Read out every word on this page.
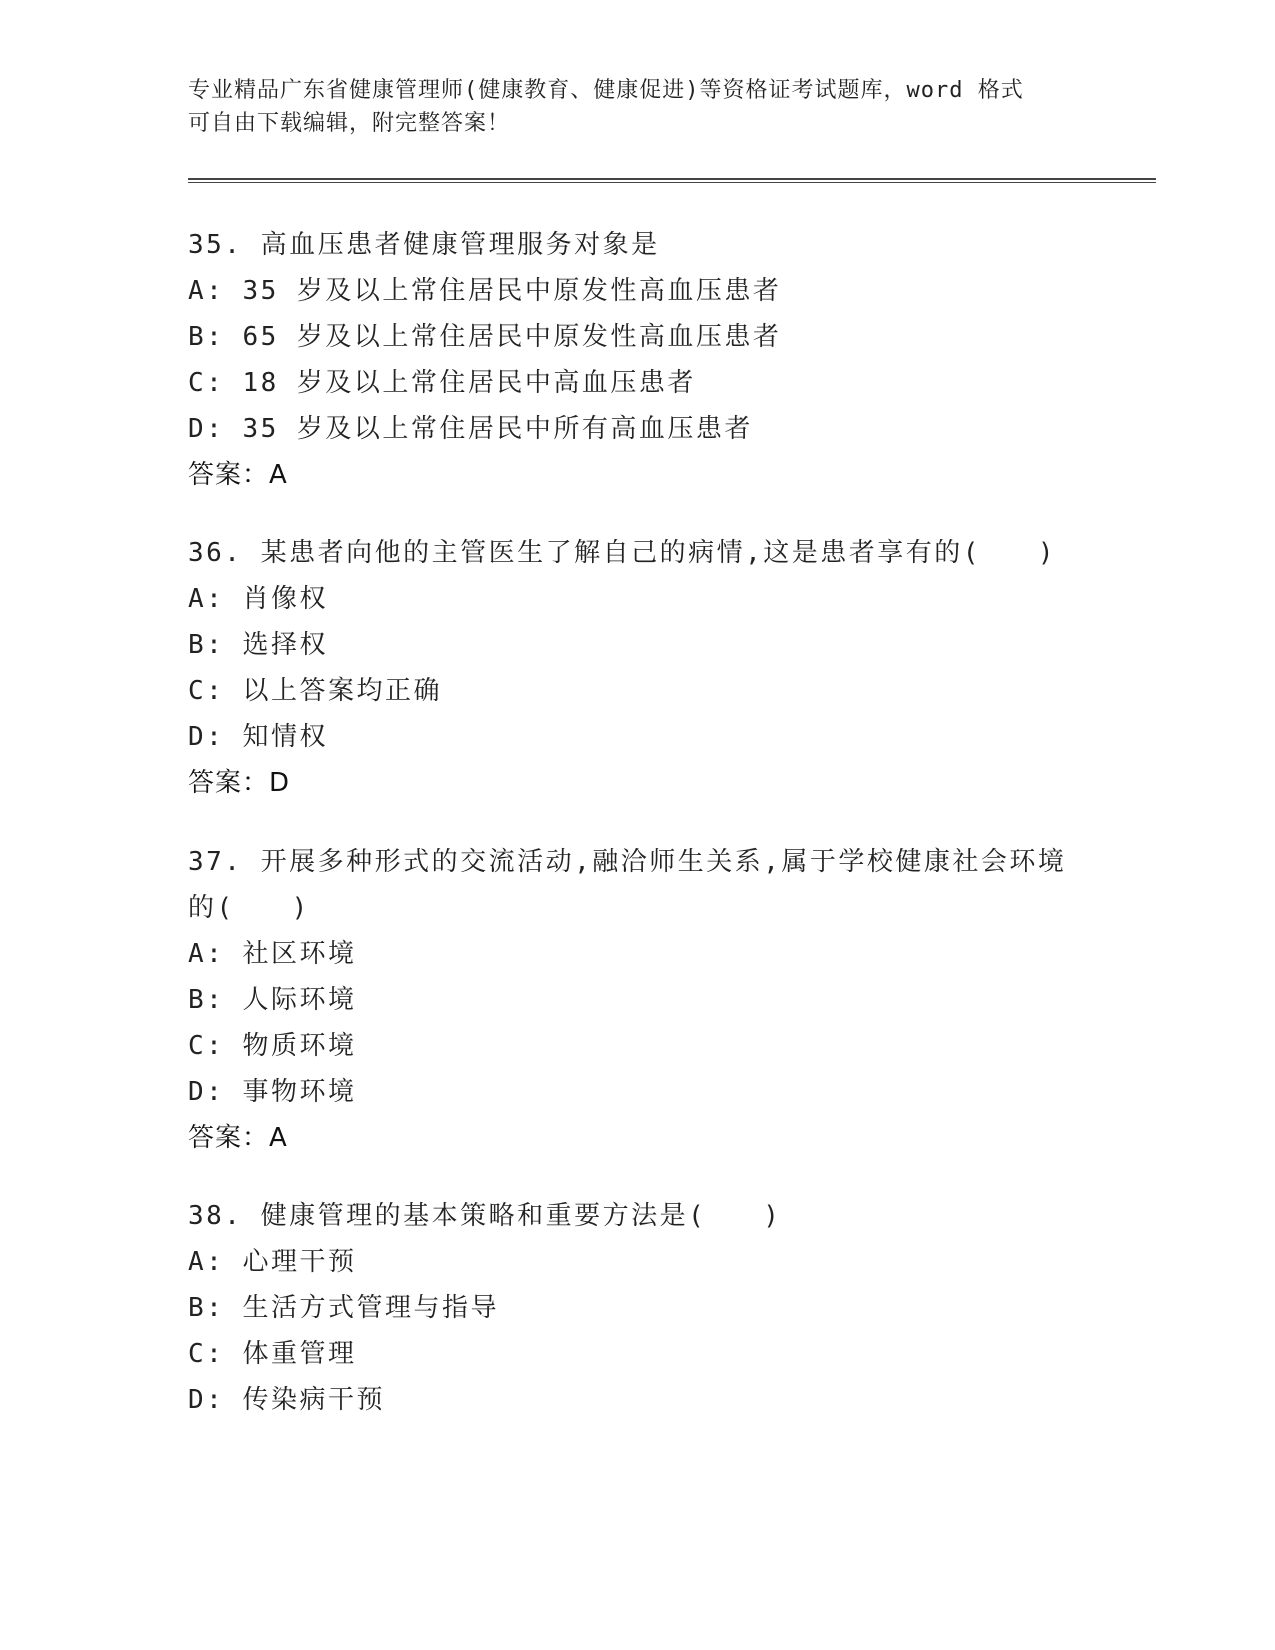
专业精品广东省健康管理师(健康教育、健康促进)等资格证考试题库，word 格式
可自由下载编辑，附完整答案！
35. 高血压患者健康管理服务对象是
A: 35 岁及以上常住居民中原发性高血压患者
B: 65 岁及以上常住居民中原发性高血压患者
C: 18 岁及以上常住居民中高血压患者
D: 35 岁及以上常住居民中所有高血压患者
答案：A
36. 某患者向他的主管医生了解自己的病情,这是患者享有的(　　)
A: 肖像权
B: 选择权
C: 以上答案均正确
D: 知情权
答案：D
37. 开展多种形式的交流活动,融洽师生关系,属于学校健康社会环境
的(　　)
A: 社区环境
B: 人际环境
C: 物质环境
D: 事物环境
答案：A
38. 健康管理的基本策略和重要方法是(　　)
A: 心理干预
B: 生活方式管理与指导
C: 体重管理
D: 传染病干预
